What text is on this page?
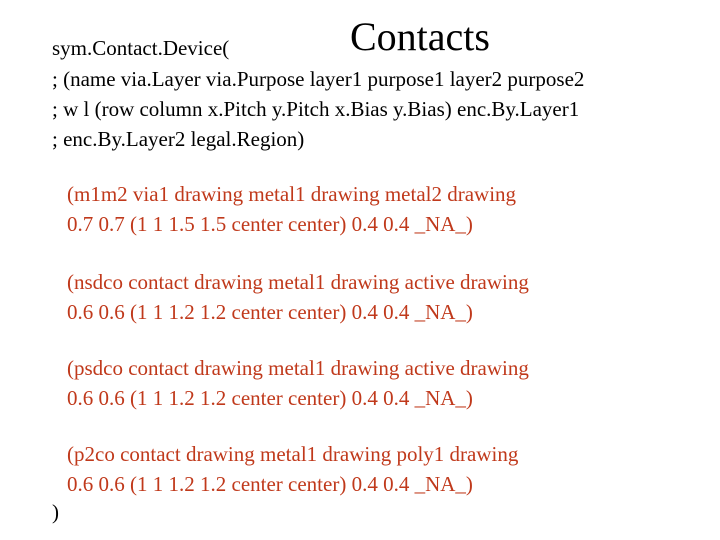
Contacts
sym.Contact.Device(
; (name via.Layer via.Purpose layer1 purpose1 layer2 purpose2
; w l (row column x.Pitch y.Pitch x.Bias y.Bias) enc.By.Layer1
; enc.By.Layer2 legal.Region)
(m1m2 via1 drawing metal1 drawing metal2 drawing
0.7 0.7 (1 1 1.5 1.5 center center) 0.4 0.4 _NA_)
(nsdco contact drawing metal1 drawing active drawing
0.6 0.6 (1 1 1.2 1.2 center center) 0.4 0.4 _NA_)
(psdco contact drawing metal1 drawing active drawing
0.6 0.6 (1 1 1.2 1.2 center center) 0.4 0.4 _NA_)
(p2co contact drawing metal1 drawing poly1 drawing
0.6 0.6 (1 1 1.2 1.2 center center) 0.4 0.4 _NA_)
)
